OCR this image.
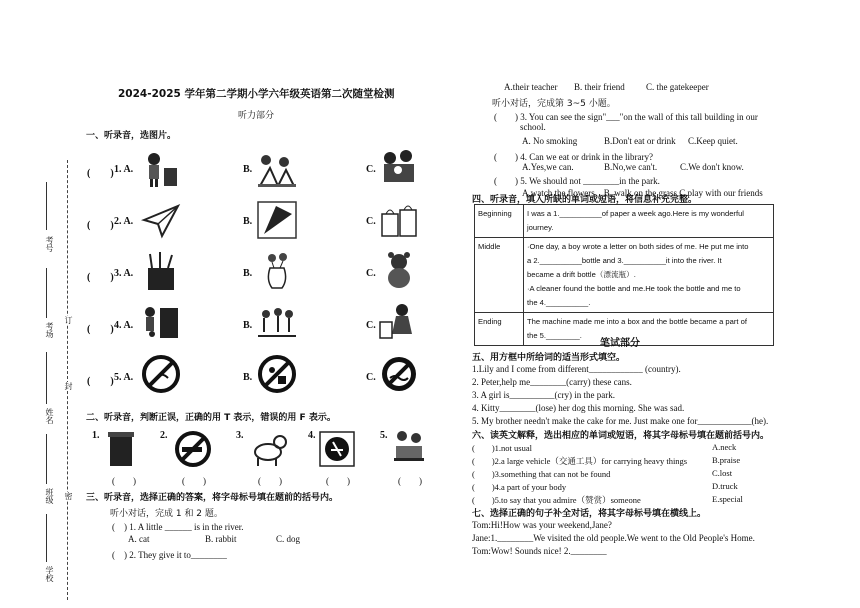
考号
考场
姓名
班级
学校
订
封
密
2024-2025 学年第二学期小学六年级英语第二次随堂检测
听力部分
一、听录音，选图片。
(　　) 1. A.	B.	C.
(　　) 2. A.	B.	C.
(　　) 3. A.	B.	C.
(　　) 4. A.	B.	C.
(　　) 5. A.	B.	C.
二、听录音，判断正误，正确的用 T 表示，错误的用 F 表示。
1.	2.	3.	4.	5.
(　　)	(　　)	(　　)	(　　)	(　　)
三、听录音，选择正确的答案，将字母标号填在题前的括号内。
听小对话，完成 1 和 2 题。
(　) 1. A little ______ is in the river.
A. cat	B. rabbit	C. dog
(　) 2. They give it to________
A.their teacher B. their friend C. the gatekeeper
听小对话，完成第 3~5 小题。
(　　) 3. You can see the sign"___"on the wall of this tall building in our
school.
A. No smoking	B.Don't eat or drink C.Keep quiet.
(　　) 4. Can we eat or drink in the library?
A.Yes,we can.	B.No,we can't.	C.We don't know.
(　　) 5. We should not ________in the park.
A.watch the flowers　B. walk on the grass C.play with our friends
四、听录音，填入所缺的单词或短语，将信息补充完整。
Beginning	I was a 1.__________of paper a week ago.Here is my wonderful
journey.

Middle	·One day, a boy wrote a letter on both sides of me. He put me into
a 2.__________bottle and 3.__________it into the river. It
became a drift bottle（漂流瓶）.
·A cleaner found the bottle and me.He took the bottle and me to
the 4.__________.

Ending	The machine made me into a box and the bottle became a part of
the 5.________.
笔试部分
五、用方框中所给词的适当形式填空。
1.Lily and I come from different____________ (country).
2. Peter,help me________(carry) these cans.
3. A girl is__________(cry) in the park.
4. Kitty________(lose) her dog this morning. She was sad.
5. My brother needn't make the cake for me. Just make one for____________(he).
六、读英文解释，选出相应的单词或短语，将其字母标号填在题前括号内。
(　　)1.not usual	A.neck
(　　)2.a large vehicle（交通工具）for carrying heavy things	B.praise
(　　)3.something that can not be found	C.lost
(　　)4.a part of your body	D.truck
(　　)5.to say that you admire（赞赏）someone	E.special
七、选择正确的句子补全对话，将其字母标号填在横线上。
Tom:Hi!How was your weekend,Jane?
Jane:1.________We visited the old people.We went to the Old People's Home.
Tom:Wow! Sounds nice! 2.________
